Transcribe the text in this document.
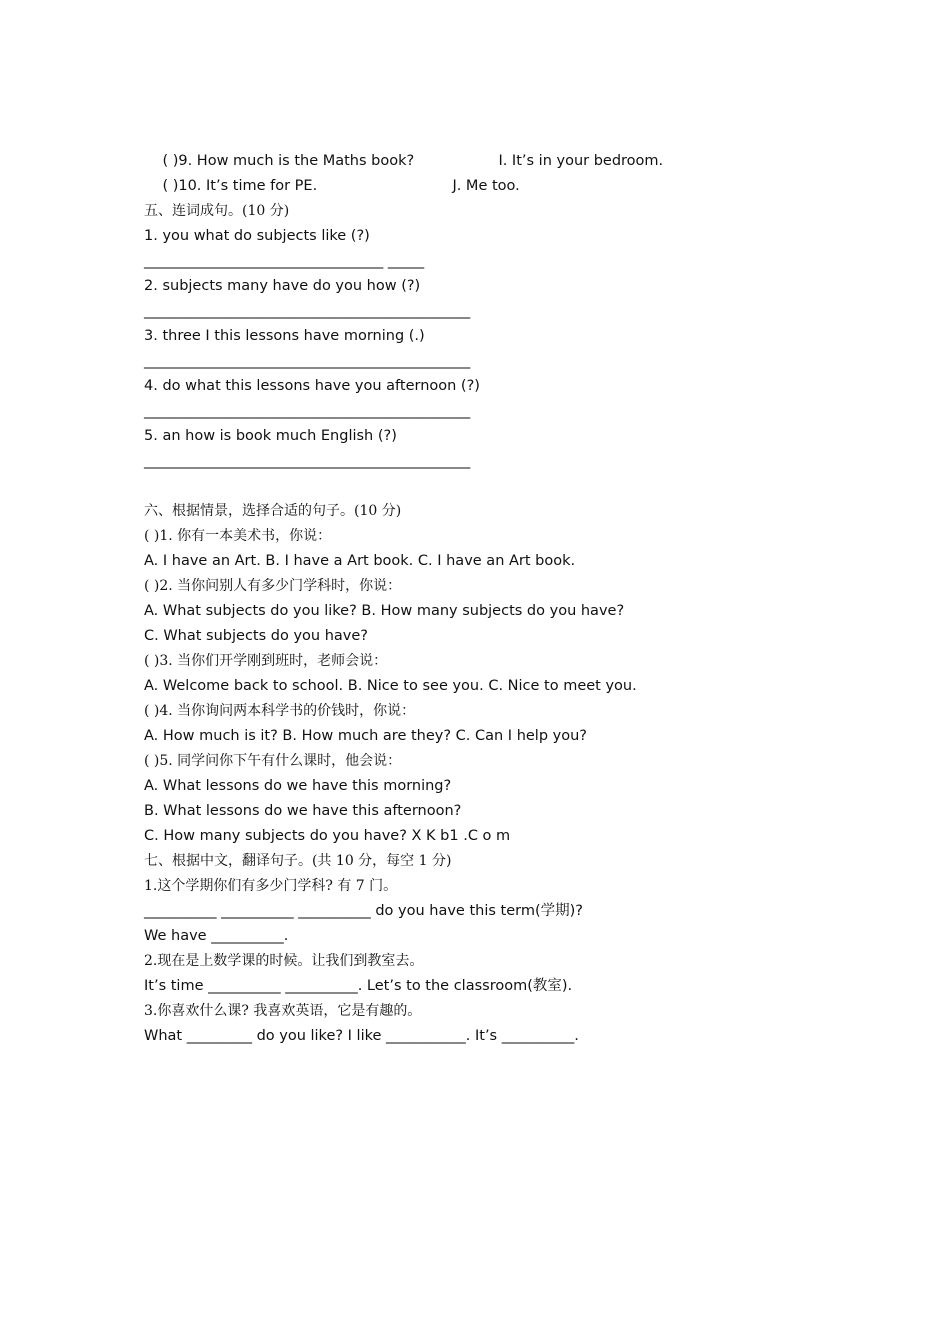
( )9. How much is the Maths book?	I. It’s in your bedroom.

( )10. It’s time for PE.	J. Me too.

五、连词成句。(10 分)
1. you what do subjects like (?)
_________________________________ _____
2. subjects many have do you how (?)
_____________________________________________
3. three I this lessons have morning (.)
_____________________________________________
4. do what this lessons have you afternoon (?)
_____________________________________________
5. an how is book much English (?)
_____________________________________________
六、根据情景，选择合适的句子。(10 分)
( )1. 你有一本美术书，你说：
A. I have an Art. B. I have a Art book. C. I have an Art book.
( )2. 当你问别人有多少门学科时，你说：
A. What subjects do you like? B. How many subjects do you have?
C. What subjects do you have?
( )3. 当你们开学刚到班时，老师会说：
A. Welcome back to school. B. Nice to see you. C. Nice to meet you.
( )4. 当你询问两本科学书的价钱时，你说：
A. How much is it? B. How much are they? C. Can I help you?
( )5. 同学问你下午有什么课时，他会说：
A. What lessons do we have this morning?
B. What lessons do we have this afternoon?
C. How many subjects do you have? X K b1 .C o m
七、根据中文，翻译句子。(共 10 分，每空 1 分)
1.这个学期你们有多少门学科? 有 7 门。
__________ __________ __________ do you have this term(学期)?
We have __________.
2.现在是上数学课的时候。让我们到教室去。
It’s time __________ __________. Let’s to the classroom(教室).
3.你喜欢什么课? 我喜欢英语，它是有趣的。
What _________ do you like? I like ___________. It’s __________.
